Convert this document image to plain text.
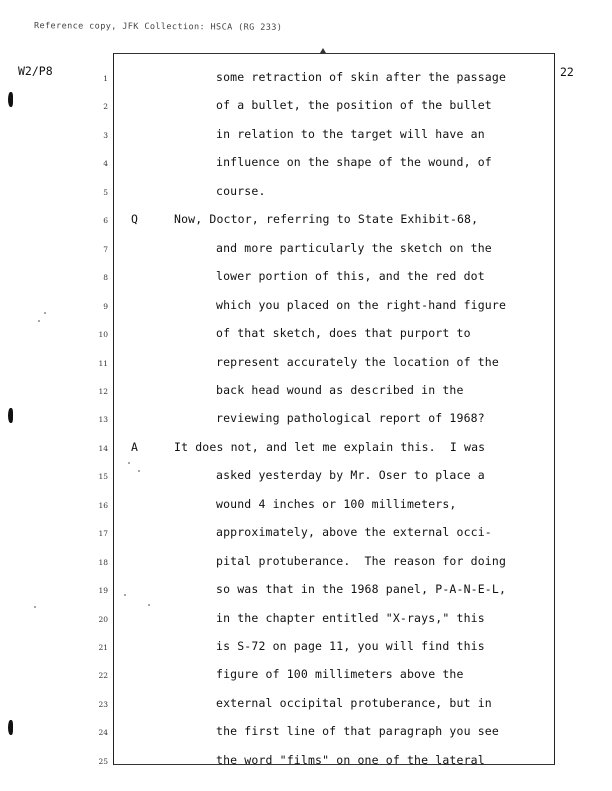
Reference copy, JFK Collection: HSCA (RG 233)
W2/P8	22
1	some retraction of skin after the passage
2	of a bullet, the position of the bullet
3	in relation to the target will have an
4	influence on the shape of the wound, of
5	course.
6 Q	Now, Doctor, referring to State Exhibit-68,
7	and more particularly the sketch on the
8	lower portion of this, and the red dot
9	which you placed on the right-hand figure
10	of that sketch, does that purport to
11	represent accurately the location of the
12	back head wound as described in the
13	reviewing pathological report of 1968?
14 A	It does not, and let me explain this.  I was
15	asked yesterday by Mr. Oser to place a
16	wound 4 inches or 100 millimeters,
17	approximately, above the external occi-
18	pital protuberance.  The reason for doing
19	so was that in the 1968 panel, P-A-N-E-L,
20	in the chapter entitled "X-rays," this
21	is S-72 on page 11, you will find this
22	figure of 100 millimeters above the
23	external occipital protuberance, but in
24	the first line of that paragraph you see
25	the word "films" on one of the lateral
